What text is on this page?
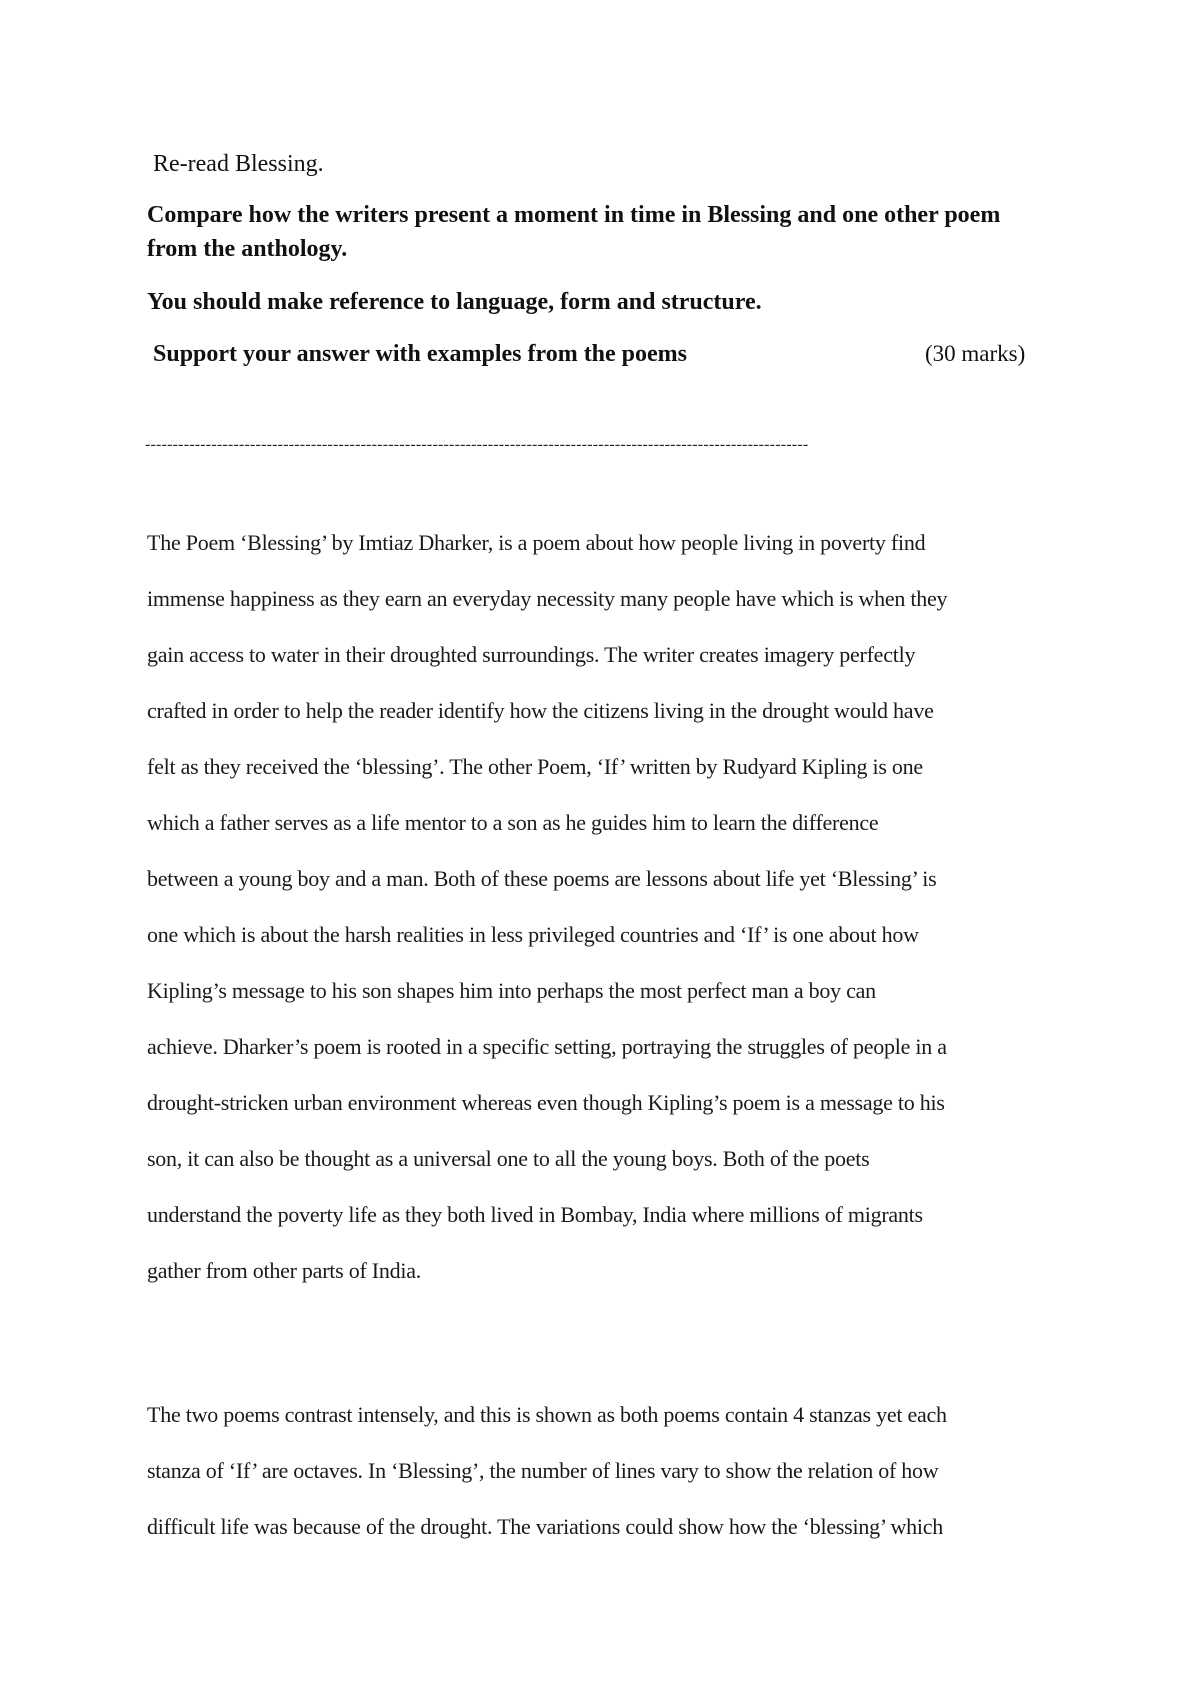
Re-read Blessing.
Compare how the writers present a moment in time in Blessing and one other poem from the anthology.
You should make reference to language, form and structure.
Support your answer with examples from the poems	(30 marks)
------------------------------------------------------------------------------------------------------------------------
The Poem ‘Blessing’ by Imtiaz Dharker, is a poem about how people living in poverty find
immense happiness as they earn an everyday necessity many people have which is when they
gain access to water in their droughted surroundings. The writer creates imagery perfectly
crafted in order to help the reader identify how the citizens living in the drought would have
felt as they received the ‘blessing’. The other Poem, ‘If’ written by Rudyard Kipling is one
which a father serves as a life mentor to a son as he guides him to learn the difference
between a young boy and a man. Both of these poems are lessons about life yet ‘Blessing’ is
one which is about the harsh realities in less privileged countries and ‘If’ is one about how
Kipling’s message to his son shapes him into perhaps the most perfect man a boy can
achieve. Dharker’s poem is rooted in a specific setting, portraying the struggles of people in a
drought-stricken urban environment whereas even though Kipling’s poem is a message to his
son, it can also be thought as a universal one to all the young boys. Both of the poets
understand the poverty life as they both lived in Bombay, India where millions of migrants
gather from other parts of India.
The two poems contrast intensely, and this is shown as both poems contain 4 stanzas yet each
stanza of ‘If’ are octaves. In ‘Blessing’, the number of lines vary to show the relation of how
difficult life was because of the drought. The variations could show how the ‘blessing’ which
